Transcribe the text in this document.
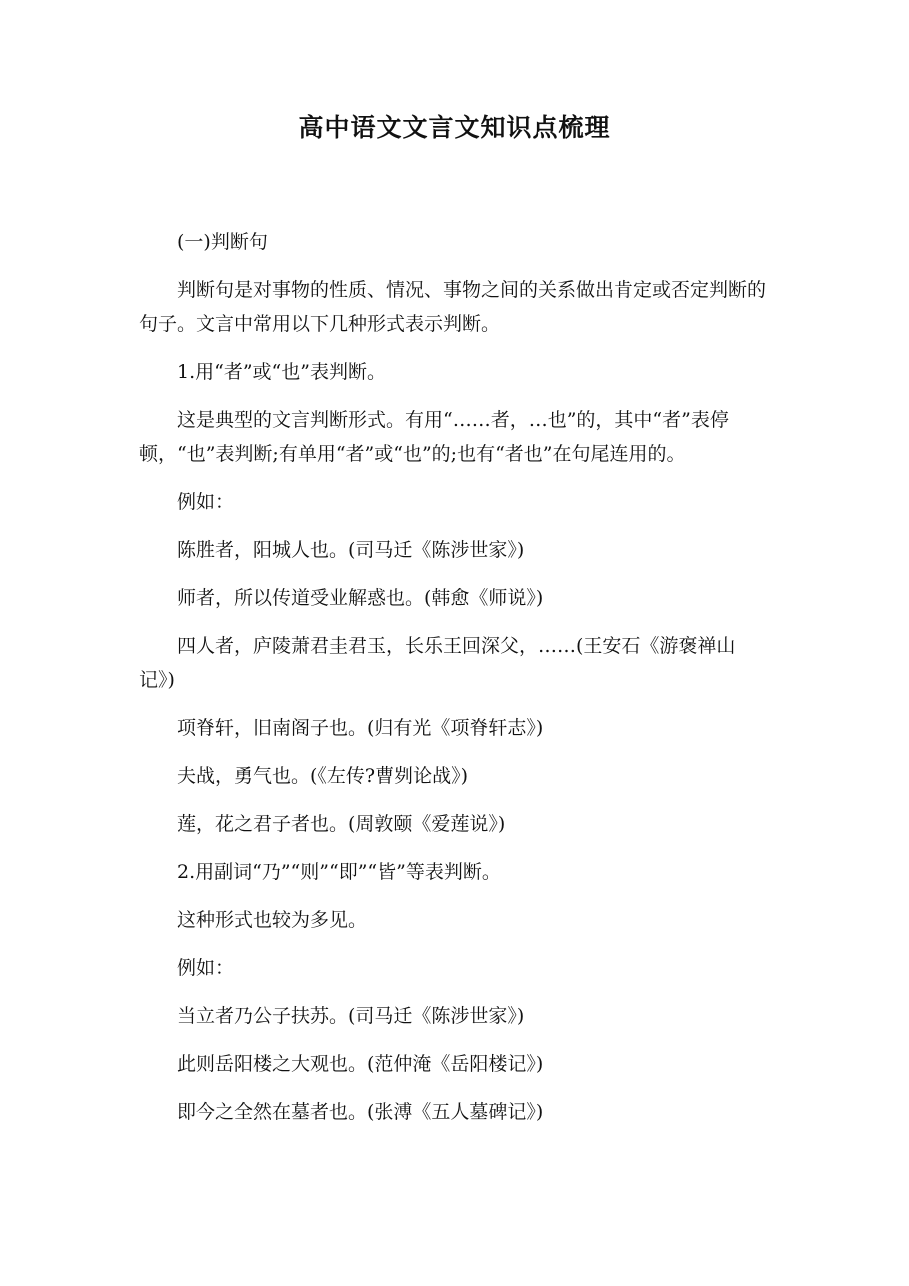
高中语文文言文知识点梳理

(一)判断句

判断句是对事物的性质、情况、事物之间的关系做出肯定或否定判断的句子。文言中常用以下几种形式表示判断。

1.用“者”或“也”表判断。

这是典型的文言判断形式。有用“……者，…也”的，其中“者”表停顿，“也”表判断;有单用“者”或“也”的;也有“者也”在句尾连用的。

例如：

陈胜者，阳城人也。(司马迁《陈涉世家》)

师者，所以传道受业解惑也。(韩愈《师说》)

四人者，庐陵萧君圭君玉，长乐王回深父，……(王安石《游褒禅山记》)

项脊轩，旧南阁子也。(归有光《项脊轩志》)

夫战，勇气也。(《左传?曹刿论战》)

莲，花之君子者也。(周敦颐《爱莲说》)

2.用副词“乃”“则”“即”“皆”等表判断。

这种形式也较为多见。

例如：

当立者乃公子扶苏。(司马迁《陈涉世家》)

此则岳阳楼之大观也。(范仲淹《岳阳楼记》)

即今之全然在墓者也。(张溥《五人墓碑记》)
